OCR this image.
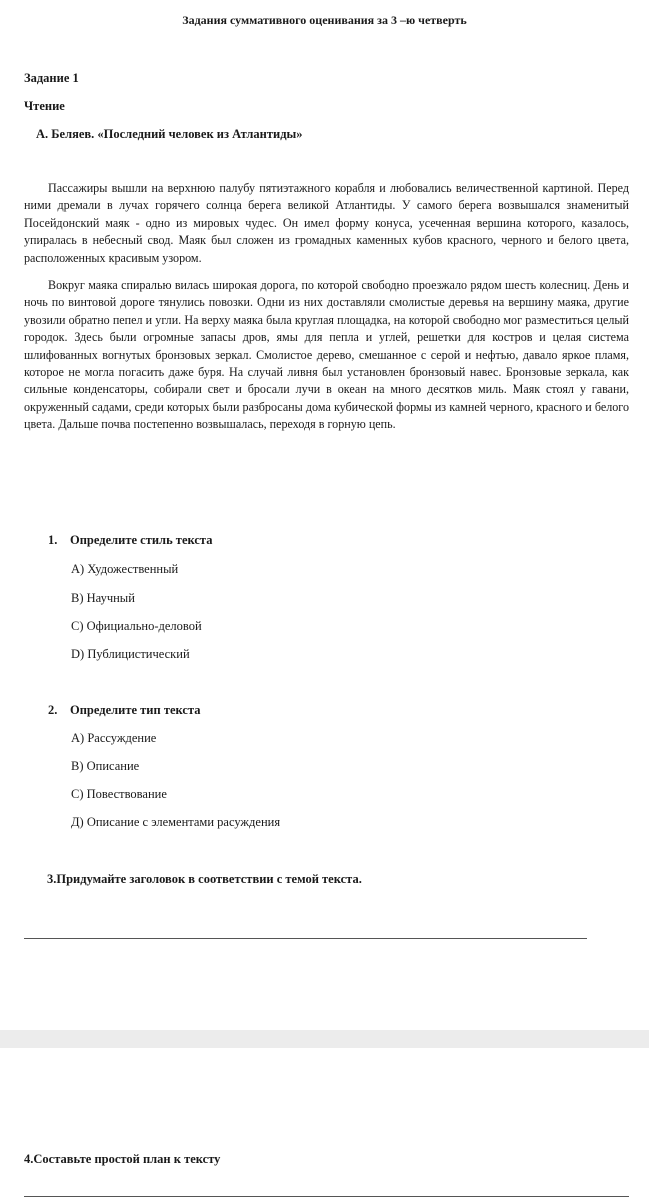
Задания суммативного оценивания за 3 –ю четверть
Задание 1
Чтение
А. Беляев. «Последний человек из Атлантиды»

Пассажиры вышли на верхнюю палубу пятиэтажного корабля и любовались величественной картиной. Перед ними дремали в лучах горячего солнца берега великой Атлантиды. У самого берега возвышался знаменитый Посейдонский маяк - одно из мировых чудес. Он имел форму конуса, усеченная вершина которого, казалось, упиралась в небесный свод. Маяк был сложен из громадных каменных кубов красного, черного и белого цвета, расположенных красивым узором.

Вокруг маяка спиралью вилась широкая дорога, по которой свободно проезжало рядом шесть колесниц. День и ночь по винтовой дороге тянулись повозки. Одни из них доставляли смолистые деревья на вершину маяка, другие увозили обратно пепел и угли. На верху маяка была круглая площадка, на которой свободно мог разместиться целый городок. Здесь были огромные запасы дров, ямы для пепла и углей, решетки для костров и целая система шлифованных вогнутых бронзовых зеркал. Смолистое дерево, смешанное с серой и нефтью, давало яркое пламя, которое не могла погасить даже буря. На случай ливня был установлен бронзовый навес. Бронзовые зеркала, как сильные конденсаторы, собирали свет и бросали лучи в океан на много десятков миль. Маяк стоял у гавани, окруженный садами, среди которых были разбросаны дома кубической формы из камней черного, красного и белого цвета. Дальше почва постепенно возвышалась, переходя в горную цепь.

1. Определите стиль текста
A) Художественный
B) Научный
C) Официально-деловой
D) Публицистический
2. Определите тип текста
A) Рассуждение
B) Описание
C) Повествование
Д) Описание с элементами расуждения
3.Придумайте заголовок в соответствии с темой текста.
4.Составьте простой план к тексту
